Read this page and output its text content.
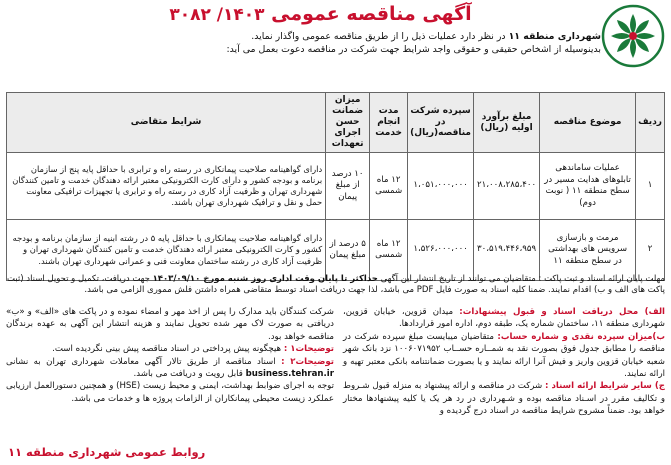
آگهی مناقصه عمومی ۱۴۰۳/ ۳۰۸۲
شهرداری منطقه ۱۱ در نظر دارد عملیات ذیل را از طریق مناقصه عمومی واگذار نماید.
بدینوسیله از اشخاص حقیقی و حقوقی واجد شرایط جهت شرکت در مناقصه دعوت بعمل می آید:
ردیف	موضوع مناقصه	مبلغ برآورد اولیه (ریال)	سپرده شرکت در مناقصه(ریال)	مدت انجام خدمت	میزان ضمانت حسن اجرای تعهدات	شرایط متقاضی
۱	عملیات ساماندهی تابلوهای هدایت مسیر در سطح منطقه ۱۱ ( نوبت دوم)	۲۱،۰۰۸،۲۸۵،۴۰۰	۱،۰۵۱،۰۰۰،۰۰۰	۱۲ ماه شمسی	۱۰ درصد از مبلغ پیمان	دارای گواهینامه صلاحیت پیمانکاری در رسته راه و ترابری با حداقل پایه پنج از سازمان برنامه و بودجه کشور و دارای کارت الکترونیکی معتبر ارائه دهندگان خدمت و تامین کنندگان شهرداری تهران و ظرفیت آزاد کاری در رسته راه و ترابری یا تجهیزات ترافیکی معاونت حمل و نقل و ترافیک شهرداری تهران باشند.
۲	مرمت و بازسازی سرویس های بهداشتی در سطح منطقه ۱۱	۳۰،۵۱۹،۴۴۶،۹۵۹	۱،۵۲۶،۰۰۰،۰۰۰	۱۲ ماه شمسی	۵ درصد از مبلغ پیمان	دارای گواهینامه صلاحیت پیمانکاری با حداقل پایه ۵ در رشته ابنیه از سازمان برنامه و بودجه کشور و کارت الکترونیکی معتبر ارائه دهندگان خدمت و تامین کنندگان شهرداری تهران و ظرفیت آزاد کاری در رشته ساختمان معاونت فنی و عمرانی شهرداری تهران باشند.
مهلت پایان ارائه اسناد و ثبت پاکت : متقاضیان می توانند از تاریخ انتشار این آگهی حداکثر تا پایان وقت اداری روز شنبه مورخ ۱۴۰۳/۰۹/۱۰ جهت دریافت، تکمیل و تحویل اسناد (ثبت پاکت های الف و ب) اقدام نمایند. ضمنا کلیه اسناد به صورت فایل PDF می باشد، لذا جهت دریافت اسناد توسط متقاضی همراه داشتن فلش مموری الزامی می باشد.
الف) محل دریافت اسناد و قبول پیشنهادات: میدان قزوین، خیابان قزوین، شهرداری منطقه ۱۱، ساختمان شماره یک، طبقه دوم، اداره امور قراردادها.
ب)میزان سپرده نقدی و شماره حساب: متقاضیان میبایست مبلغ سپرده شرکت در مناقصه را مطابق جدول فوق بصورت نقد به شمــاره حســاب ۱۰۰۶۰۷۱۹۵۲ نزد بانک شهر شعبه خیابان قزوین واریز و فیش آنرا ارائه نمایند و یا بصورت ضمانتنامه بانکی معتبر تهیه و ارائه نمایند.
ج) سایر شرایط ارائه اسناد : شرکت در مناقصه و ارائه پیشنهاد به منزله قبول شـروط و تکالیف مقرر در اسـناد مناقصه بوده و شـهرداری در رد هر یک یا کلیه پیشنهادها مختار خواهد بود. ضمناً مشروح شرایط مناقصه در اسناد درج گردیده و
شرکت کنندگان باید مدارک را پس از اخذ مهر و امضاء نموده و در پاکت های «الف» و «ب» دریافتی به صورت لاک مهر شده تحویل نمایند و هزینه انتشار این آگهی به عهده برندگان مناقصه خواهد بود.
توضیحات۱ : هیچگونه پیش پرداختی در اسناد مناقصه پیش بینی نگردیده است.
توضیحات۲ : اسناد مناقصه از طریق تالار آگهی معاملات شهرداری تهران به نشانی business.tehran.ir قابل رویت و دریافت می باشد.
توجه به اجرای ضوابط بهداشت، ایمنی و محیط زیست (HSE) و همچنین دستورالعمل ارزیابی عملکرد زیست محیطی پیمانکاران از الزامات پروژه ها و خدمات می باشد.
روابط عمومی شهرداری منطقه ۱۱
